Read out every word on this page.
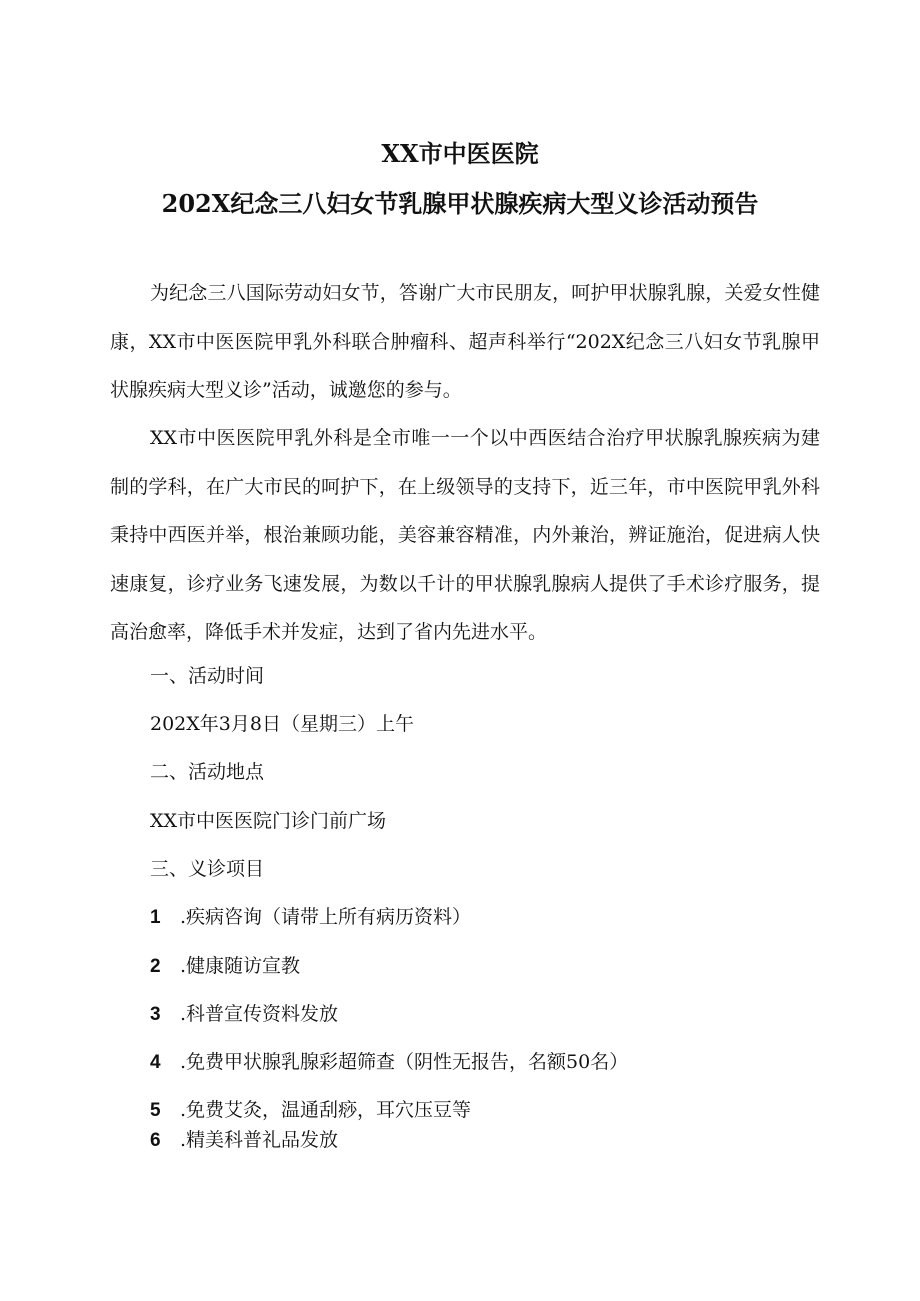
XX市中医医院
202X纪念三八妇女节乳腺甲状腺疾病大型义诊活动预告

为纪念三八国际劳动妇女节，答谢广大市民朋友，呵护甲状腺乳腺，关爱女性健康，XX市中医医院甲乳外科联合肿瘤科、超声科举行“202X纪念三八妇女节乳腺甲状腺疾病大型义诊”活动，诚邀您的参与。

XX市中医医院甲乳外科是全市唯一一个以中西医结合治疗甲状腺乳腺疾病为建制的学科，在广大市民的呵护下，在上级领导的支持下，近三年，市中医院甲乳外科秉持中西医并举，根治兼顾功能，美容兼容精准，内外兼治，辨证施治，促进病人快速康复，诊疗业务飞速发展，为数以千计的甲状腺乳腺病人提供了手术诊疗服务，提高治愈率，降低手术并发症，达到了省内先进水平。

一、活动时间
202X年3月8日（星期三）上午
二、活动地点
XX市中医医院门诊门前广场
三、义诊项目
1 .疾病咨询（请带上所有病历资料）
2 .健康随访宣教
3 .科普宣传资料发放
4 .免费甲状腺乳腺彩超筛查（阴性无报告，名额50名）
5 .免费艾灸，温通刮痧，耳穴压豆等
6 .精美科普礼品发放
